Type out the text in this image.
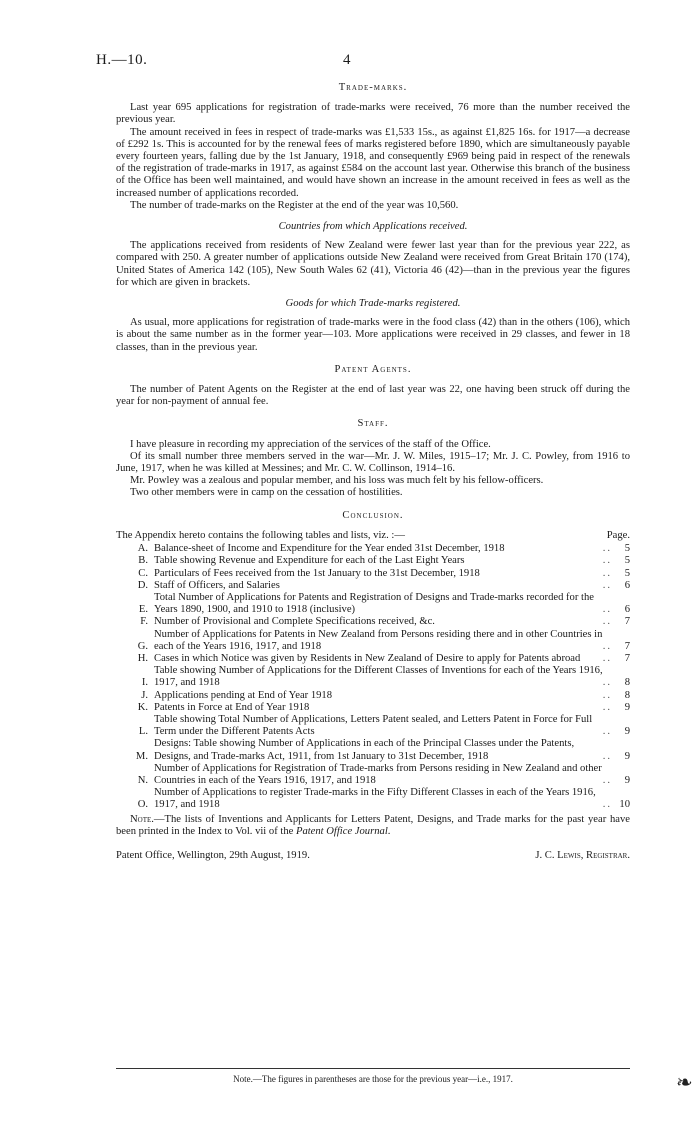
H.—10.	4
Trade-marks.

Last year 695 applications for registration of trade-marks were received, 76 more than the number received the previous year.

The amount received in fees in respect of trade-marks was £1,533 15s., as against £1,825 16s. for 1917—a decrease of £292 1s. This is accounted for by the renewal fees of marks registered before 1890, which are simultaneously payable every fourteen years, falling due by the 1st January, 1918, and consequently £969 being paid in respect of the renewals of the registration of trade-marks in 1917, as against £584 on the account last year. Otherwise this branch of the business of the Office has been well maintained, and would have shown an increase in the amount received in fees as well as the increased number of applications recorded.

The number of trade-marks on the Register at the end of the year was 10,560.

Countries from which Applications received.

The applications received from residents of New Zealand were fewer last year than for the previous year 222, as compared with 250. A greater number of applications outside New Zealand were received from Great Britain 170 (174), United States of America 142 (105), New South Wales 62 (41), Victoria 46 (42)—than in the previous year the figures for which are given in brackets.

Goods for which Trade-marks registered.

As usual, more applications for registration of trade-marks were in the food class (42) than in the others (106), which is about the same number as in the former year—103. More applications were received in 29 classes, and fewer in 18 classes, than in the previous year.

Patent Agents.

The number of Patent Agents on the Register at the end of last year was 22, one having been struck off during the year for non-payment of annual fee.

Staff.

I have pleasure in recording my appreciation of the services of the staff of the Office.

Of its small number three members served in the war—Mr. J. W. Miles, 1915–17; Mr. J. C. Powley, from 1916 to June, 1917, when he was killed at Messines; and Mr. C. W. Collinson, 1914–16.

Mr. Powley was a zealous and popular member, and his loss was much felt by his fellow-officers.

Two other members were in camp on the cessation of hostilities.

Conclusion.
The Appendix hereto contains the following tables and lists, viz. :—	Page.
A. Balance-sheet of Income and Expenditure for the Year ended 31st December, 1918	..	5
B. Table showing Revenue and Expenditure for each of the Last Eight Years	..	5
C. Particulars of Fees received from the 1st January to the 31st December, 1918	..	5
D. Staff of Officers, and Salaries	..	6
E.
Total Number of Applications for Patents and Registration of Designs and Trade-marks recorded for the Years 1890, 1900, and 1910 to 1918 (inclusive)	..	6
F. Number of Provisional and Complete Specifications received, &c.	..	7
G.
Number of Applications for Patents in New Zealand from Persons residing there and in other Countries in each of the Years 1916, 1917, and 1918	..	7
H. Cases in which Notice was given by Residents in New Zealand of Desire to apply for Patents abroad	..	7
I.
Table showing Number of Applications for the Different Classes of Inventions for each of the Years 1916, 1917, and 1918	..	8
J. Applications pending at End of Year 1918	..	8
K. Patents in Force at End of Year 1918	..	9
L.
Table showing Total Number of Applications, Letters Patent sealed, and Letters Patent in Force for Full Term under the Different Patents Acts	..	9
M.
Designs: Table showing Number of Applications in each of the Principal Classes under the Patents, Designs, and Trade-marks Act, 1911, from 1st January to 31st December, 1918	..	9
N.
Number of Applications for Registration of Trade-marks from Persons residing in New Zealand and other Countries in each of the Years 1916, 1917, and 1918	..	9
O.
Number of Applications to register Trade-marks in the Fifty Different Classes in each of the Years 1916, 1917, and 1918	.. 10

Note.—The lists of Inventions and Applicants for Letters Patent, Designs, and Trade marks for the past year have been printed in the Index to Vol. vii of the Patent Office Journal.

Patent Office, Wellington, 29th August, 1919.	J. C. Lewis, Registrar.
Note.—The figures in parentheses are those for the previous year—i.e., 1917.	❧
